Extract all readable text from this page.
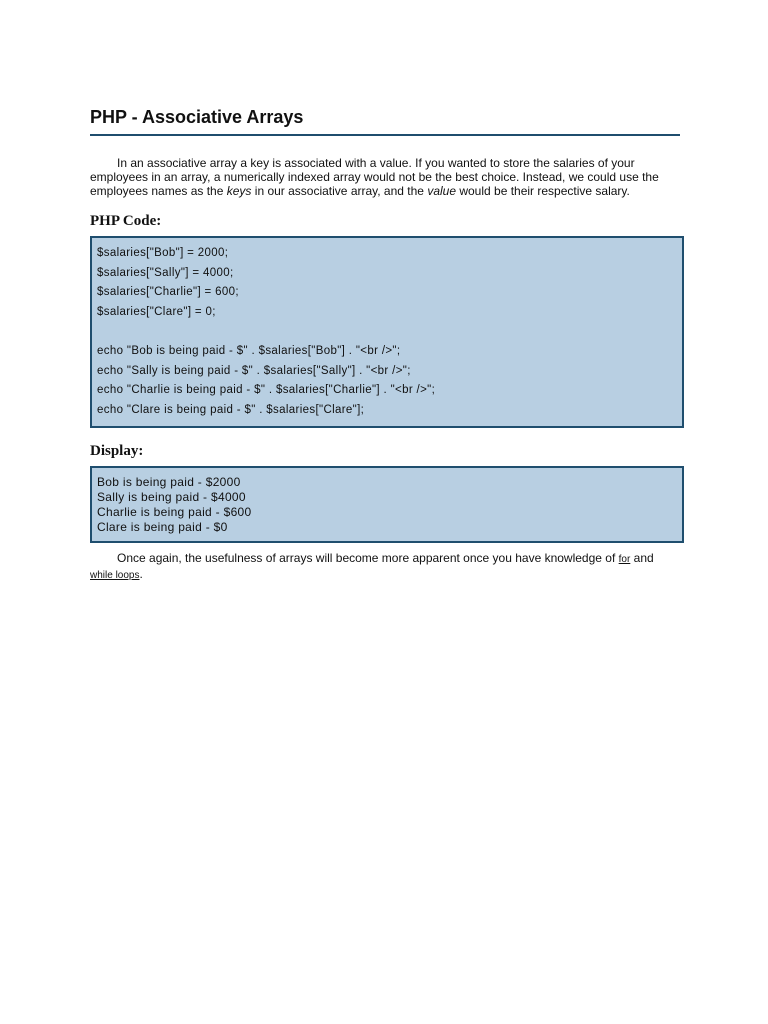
PHP - Associative Arrays

In an associative array a key is associated with a value. If you wanted to store the salaries of your employees in an array, a numerically indexed array would not be the best choice. Instead, we could use the employees names as the keys in our associative array, and the value would be their respective salary.

PHP Code:
$salaries["Bob"] = 2000;
$salaries["Sally"] = 4000;
$salaries["Charlie"] = 600;
$salaries["Clare"] = 0;
echo "Bob is being paid - $" . $salaries["Bob"] . "<br />";
echo "Sally is being paid - $" . $salaries["Sally"] . "<br />";
echo "Charlie is being paid - $" . $salaries["Charlie"] . "<br />";
echo "Clare is being paid - $" . $salaries["Clare"];
Display:
Bob is being paid - $2000
Sally is being paid - $4000
Charlie is being paid - $600
Clare is being paid - $0

Once again, the usefulness of arrays will become more apparent once you have knowledge of for and while loops.
